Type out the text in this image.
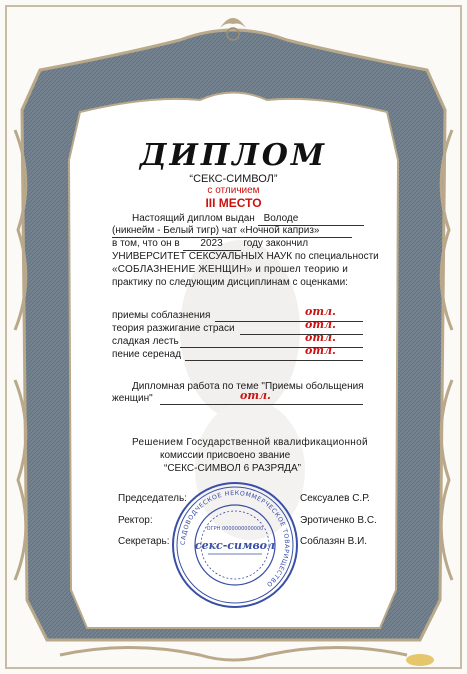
ДИПЛОМ
“СЕКС-СИМВОЛ”
с отличием
III МЕСТО
Настоящий диплом выдан Володе
(никнейм - Белый тигр) чат «Ночной каприз»
в том, что он в 2023 году закончил
УНИВЕРСИТЕТ СЕКСУАЛЬНЫХ НАУК по специальности
«СОБЛАЗНЕНИЕ ЖЕНЩИН» и прошел теорию и
практику по следующим дисциплинам с оценками:
приемы соблазнения	отл.
теория разжигание страси	отл.
сладкая лесть	отл.
пение серенад	отл.
Дипломная работа по теме "Приемы обольщения
женщин"	отл.
Решением Государственной квалификационной
комиссии присвоено звание
“СЕКС-СИМВОЛ 6 РАЗРЯДА”
Председатель:	Сексуалев С.Р.
Ректор:	Эротиченко В.С.
Секретарь:	Соблазян В.И.
САДОВОДЧЕСКОЕ НЕКОММЕРЧЕСКОЕ ТОВАРИЩЕСТВО
ОГРН 0000000000000
секс-символ
